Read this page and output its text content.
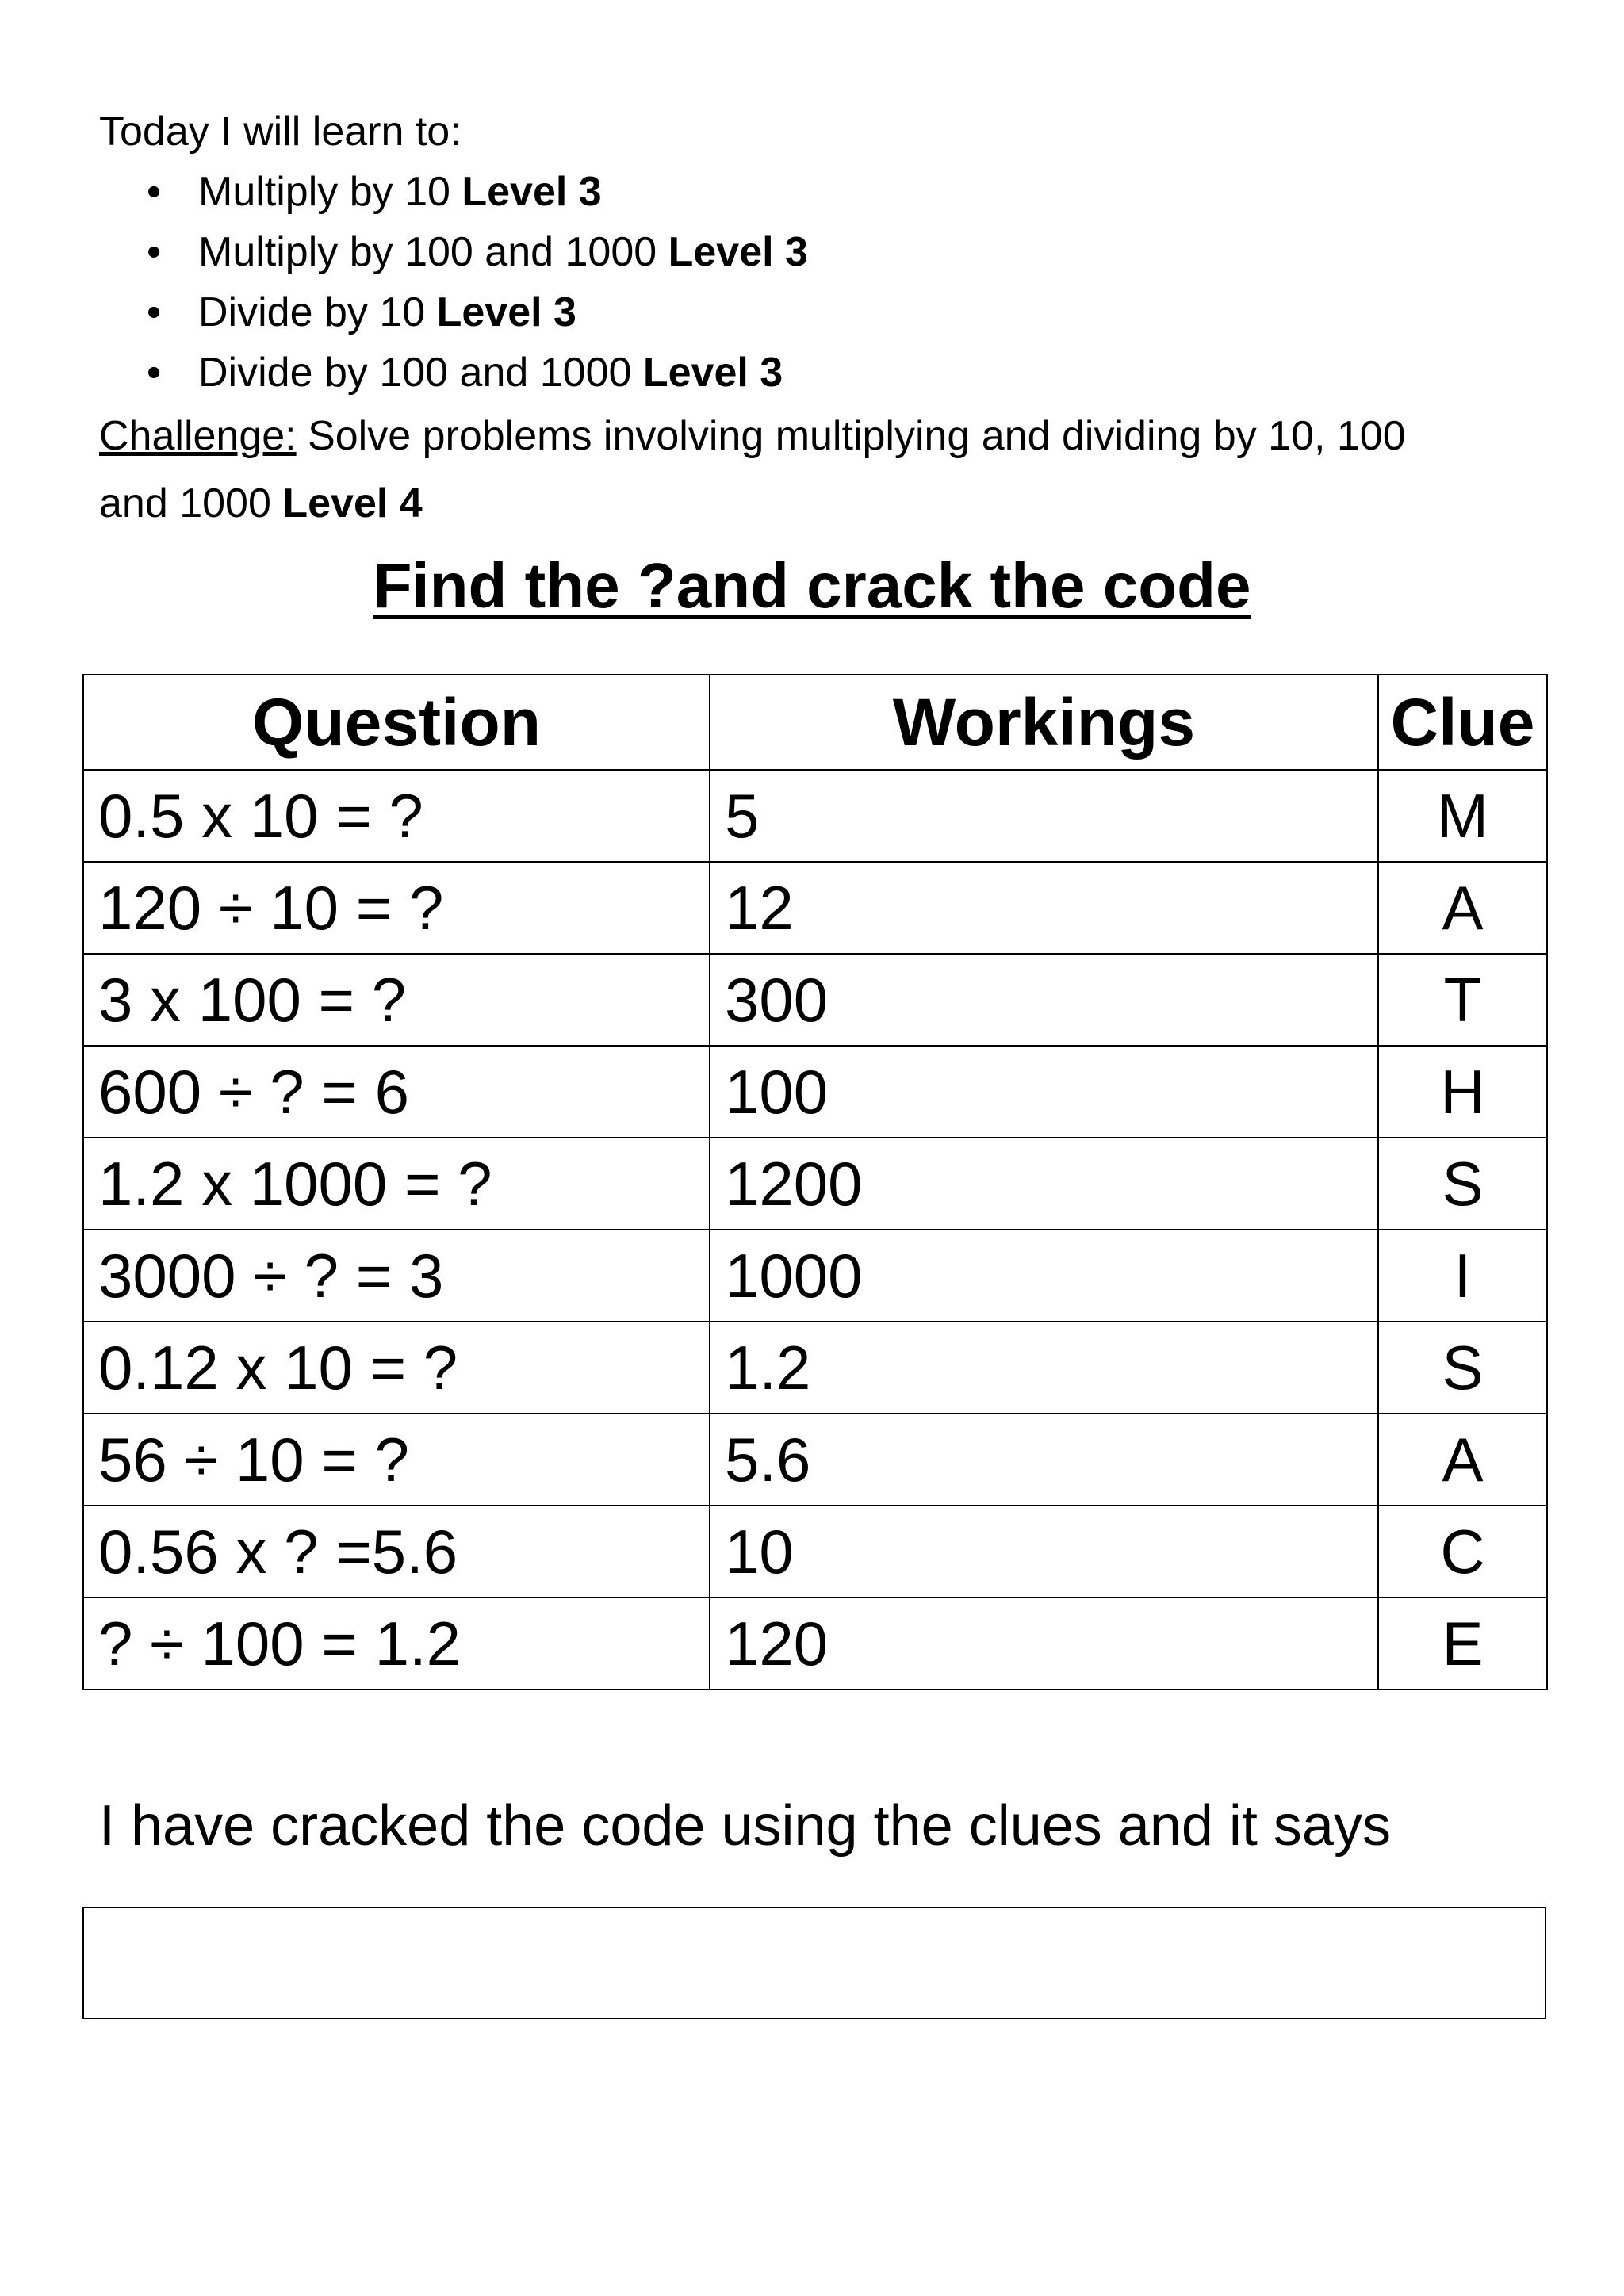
Today I will learn to:

• Multiply by 10 Level 3
• Multiply by 100 and 1000 Level 3
• Divide by 10 Level 3
• Divide by 100 and 1000 Level 3

Challenge: Solve problems involving multiplying and dividing by 10, 100
and 1000 Level 4

Find the ?and crack the code
Question	Workings	Clue
0.5 x 10 = ?	5	M
120 ÷ 10 = ?	12	A
3 x 100 = ?	300	T
600 ÷ ? = 6	100	H
1.2 x 1000 = ?	1200	S
3000 ÷ ? = 3	1000	I
0.12 x 10 = ?	1.2	S
56 ÷ 10 = ?	5.6	A
0.56 x ? =5.6	10	C
? ÷ 100 = 1.2	120	E

I have cracked the code using the clues and it says
